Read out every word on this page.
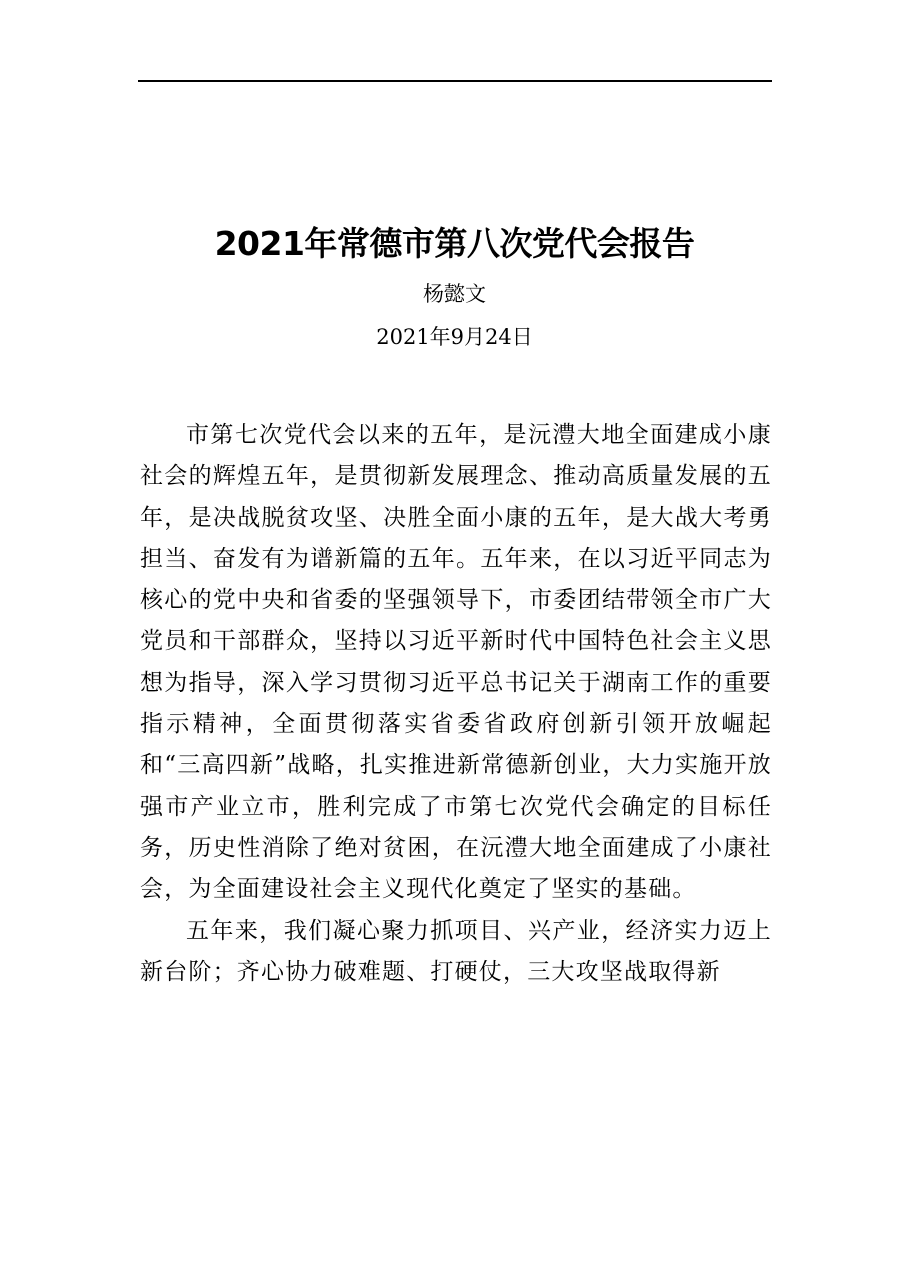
2021年常德市第八次党代会报告
杨懿文
2021年9月24日

市第七次党代会以来的五年，是沅澧大地全面建成小康社会的辉煌五年，是贯彻新发展理念、推动高质量发展的五年，是决战脱贫攻坚、决胜全面小康的五年，是大战大考勇担当、奋发有为谱新篇的五年。五年来，在以习近平同志为核心的党中央和省委的坚强领导下，市委团结带领全市广大党员和干部群众，坚持以习近平新时代中国特色社会主义思想为指导，深入学习贯彻习近平总书记关于湖南工作的重要指示精神，全面贯彻落实省委省政府创新引领开放崛起和“三高四新”战略，扎实推进新常德新创业，大力实施开放强市产业立市，胜利完成了市第七次党代会确定的目标任务，历史性消除了绝对贫困，在沅澧大地全面建成了小康社会，为全面建设社会主义现代化奠定了坚实的基础。

五年来，我们凝心聚力抓项目、兴产业，经济实力迈上新台阶；齐心协力破难题、打硬仗，三大攻坚战取得新
